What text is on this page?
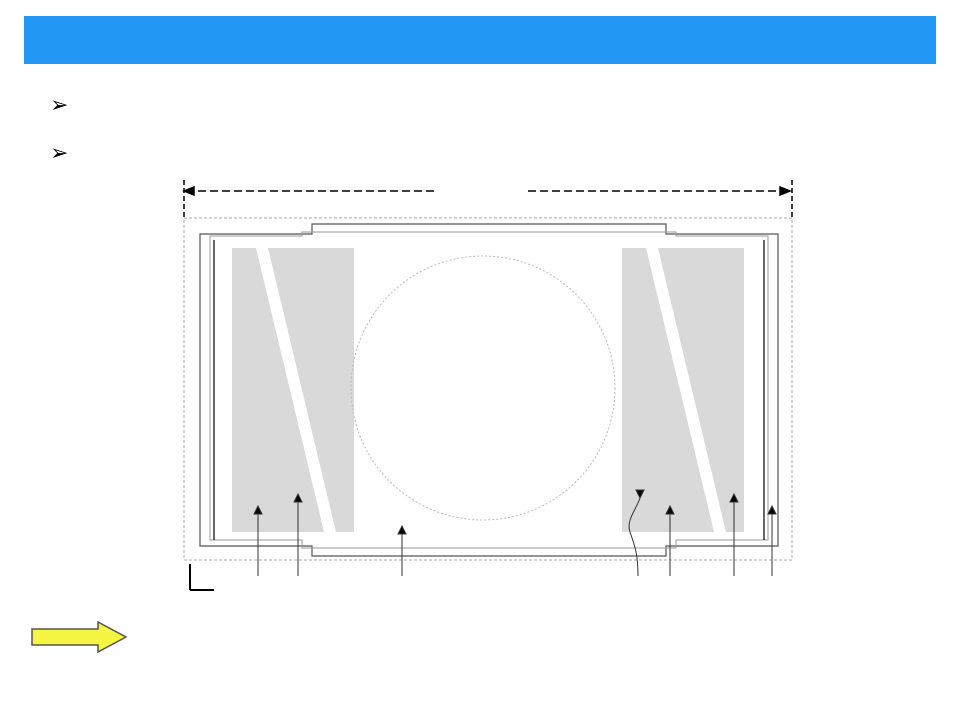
➢
➢
